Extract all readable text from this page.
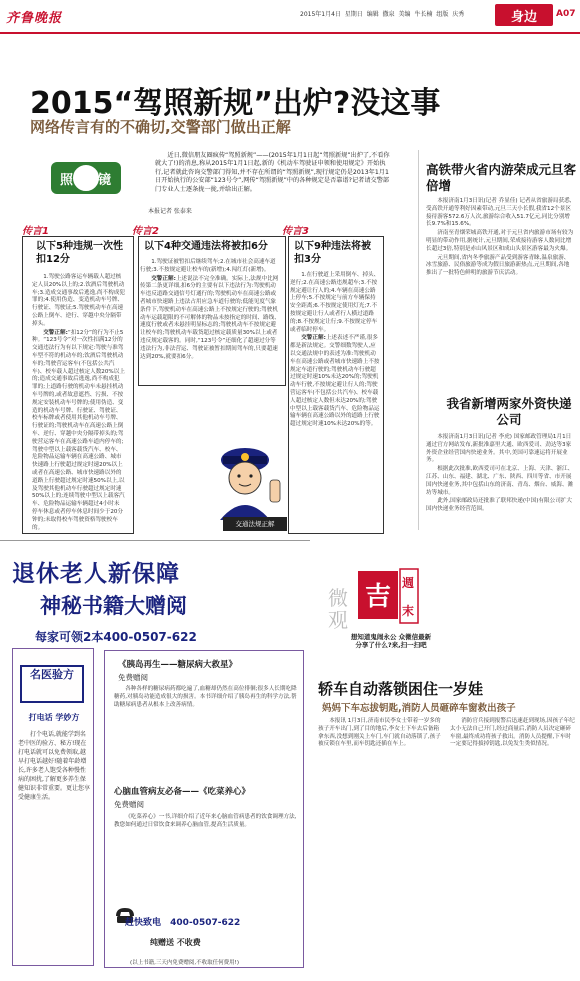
齐鲁晚报	2015年1月4日 星期日 编辑 撒泉 美编 牛长楠 组版 庆秀	身边	A07
2015“驾照新规”出炉?没这事
网络传言有的不确切,交警部门做出正解
照 镜
近日,微信朋友圈疯传“驾照新规”——(2015年1月1日起“驾照新规”出炉了,不看你就大了!)的消息,称从2015年1月1日起,新的《机动车驾驶证申领和使用规定》开始执行,记者就此咨询交警部门得知,并不存在所谓的“驾照新规”,现行规定仍是2013年1月1日开始执行的公安部“123号令”,网传“驾照新规”中的各种规定是否靠谱?记者请交警部门专业人士逐条拢一拢,并给出正解。
本报记者 张泰来
传言1
以下5种违规一次性扣12分
1.驾驶公路客运车辆载人超过核定人员20%以上的;2.饮酒后驾驶机动车;3.造成交通事故后逃逸,尚不构成犯罪的;4.使用伪造、变造机动车号牌、行驶证、驾驶证;5.驾驶机动车在高速公路上倒车、逆行、穿越中央分隔带掉头。
交警正解:“扣12分”的行为不止5种。“123号令”对一次性扣满12分的交通违法行为有以下规定:驾驶与准驾车型不符的机动车的;饮酒后驾驶机动车的;驾驶营运客车(不包括公共汽车)、校车载人超过核定人数20%以上的;造成交通事故后逃逸,尚不构成犯罪的;上道路行驶的机动车未悬挂机动车号牌的,或者故意遮挡、污损、不按规定安装机动车号牌的;使用伪造、变造的机动车号牌、行驶证、驾驶证、校车标牌或者使用其他机动车号牌、行驶证的;驾驶机动车在高速公路上倒车、逆行、穿越中央分隔带掉头的;驾驶营运客车在高速公路车道内停车的;驾驶中型以上载客载货汽车、校车、危险物品运输车辆在高速公路、城市快速路上行驶超过规定时速20%以上或者在高速公路、城市快速路以外的道路上行驶超过规定时速50%以上,以及驾驶其他机动车行驶超过规定时速50%以上的;连续驾驶中型以上载客汽车、危险物品运输车辆超过4小时未停车休息或者停车休息时间少于20分钟的;未取得校车驾驶资格驾驶校车的。
传言2
以下4种交通违法将被扣6分
1.驾驶证被暂扣后继续驾车;2.在城市社会高速车道行驶;3.不按规定避让校车的(新增);4.闯红灯(新增)。
交警正解:上述说法不完全准确。实际上,法规中比网传第二条更详细,扣6分的主要有以下违法行为:驾驶机动车违反道路交通信号灯通行的;驾驶机动车在高速公路或者城市快速路上违法占用应急车道行驶的;低能见度气象条件下,驾驶机动车在高速公路上不按规定行驶的;驾驶机动车运载超限的不可解体的物品未按指定的时间、路线、速度行驶或者未悬挂明显标志的;驾驶机动车不按规定避让校车的;驾驶机动车载货超过核定载质量30%以上或者违反规定载客的。同时,“123号令”还细化了超速过分等违法行为,非法营运、驾驶证被暂扣期间驾车的,只要超速达到20%,就要扣6分。
传言3
以下9种违法将被扣3分
1.在行驶道上采用倒车、掉头、逆行;2.在高速公路违规超车;3.不按规定避让行人的;4.车辆在高速公路上停车;5.不按规定与前方车辆保持安全距离;6.不按规定使用灯光;7.不按规定避让行人或者行人横过道路的;8.不按规定让行;9.不按规定停车或者临时停车。
交警正解:上述表述不严谨,很多都是新法规定。交警细数驾驶人,应以交通法规中的表述为准:驾驶机动车在高速公路或者城市快速路上不按规定车道行驶的;驾驶机动车行驶超过规定时速10%未达20%的;驾驶机动车行驶,不按规定避让行人的;驾驶营运客车(不包括公共汽车)、校车载人超过核定人数但未达20%的;驾驶中型以上载客载货汽车、危险物品运输车辆在高速公路以外的道路上行驶超过规定时速10%未达20%的等。
交通法规正解
高铁带火省内游荣成元旦客倍增
本报济南1月3日讯(记者 乔显佳) 记者从省旅游局获悉,受高铁开通等利好因素带动,元旦三天小长假,我省12个景区接待游客572.6万人次,旅游综合收入51.7亿元,同比分别增长9.7%和15.6%。
济南至青烟荣城高铁开通,对于元旦省内旅游市场有较为明显的带动作用,据统计,元旦期间,荣成接待游客人数同比增长超过3倍,特别是赤山风景区和成山头景区游客最为火爆。
元旦期间,省内冬季旅游产品受到游客青睐,温泉旅游、冰雪旅游、民俗旅游等成为假日旅游新热点,元旦期间,各地推出了一批特色鲜明的旅游节庆活动。
我省新增两家外资快递公司
本报济南1月3日讯(记者 李虎) 国家邮政管理局1月1日通过官方网站发布,新批准嘉里大通、欧西爱司、劲达等3家外资企业经营国内快递业务。其中,美国可靠速运将开展业务。
根据此次批准,欧西爱司可在北京、上海、天津、浙江、江苏、山东、福建、湖北、广东、陕西、四川等省、市开展国内快递业务,其中包括山东的济南、青岛、烟台、威海、潍坊等城市。
此外,国家邮政局还批准了联邦快递(中国)有限公司扩大国内快递业务经营范围。
退休老人新保障
神秘书籍大赠阅
每家可领2本400-0507-622
名医验方
打电话 学妙方
打个电话,就能学到名老中医的验方、秘方!现在打电话就可以免费领取,越早打电话越好!随着年龄增长,许多老人饱受各种慢性病的困扰,了解更多养生保健知识非常重要。更让您享受健康生活。
《胰岛再生——糖尿病大救星》
免费赠阅
各种各样的糖尿病药都吃遍了,血糖却仍然在高位徘徊;很多人长期吃降糖药,对胰岛功能造成很大的损害。本书详细介绍了胰岛再生的科学方法,帮助糖尿病患者从根本上改善病情。
心脑血管病友必备——《吃菜养心》
免费赠阅
《吃菜养心》一书,详细介绍了近年来心脑血管病患者的饮食调理方法,教您如何通过日常饮食来调养心脑血管,提高生活质量。
赶快致电 400-0507-622
纯赠送 不收费
(以上书籍,三天内免费赠阅,不收取任何费用!)
微
观
吉 週
末
想知道鬼闹永公 众微信最新分享了什么?来,扫一扫吧
轿车自动落锁困住一岁娃
妈妈下车忘拔钥匙,消防人员砸碎车窗救出孩子
本报讯 1月3日,济南市民李女士带着一岁多的孩子开车出门,到了目的地后,李女士下车去后备箱拿东西,没想到刚关上车门,车门就自动落锁了,孩子被反锁在车里,而车钥匙还插在车上。
消防官兵接到报警后迅速赶到现场,因孩子年纪太小无法自己开门,经过商量后,消防人员决定砸碎车窗,最终成功将孩子救出。消防人员提醒,下车时一定要记得拔掉钥匙,以免发生类似情况。
